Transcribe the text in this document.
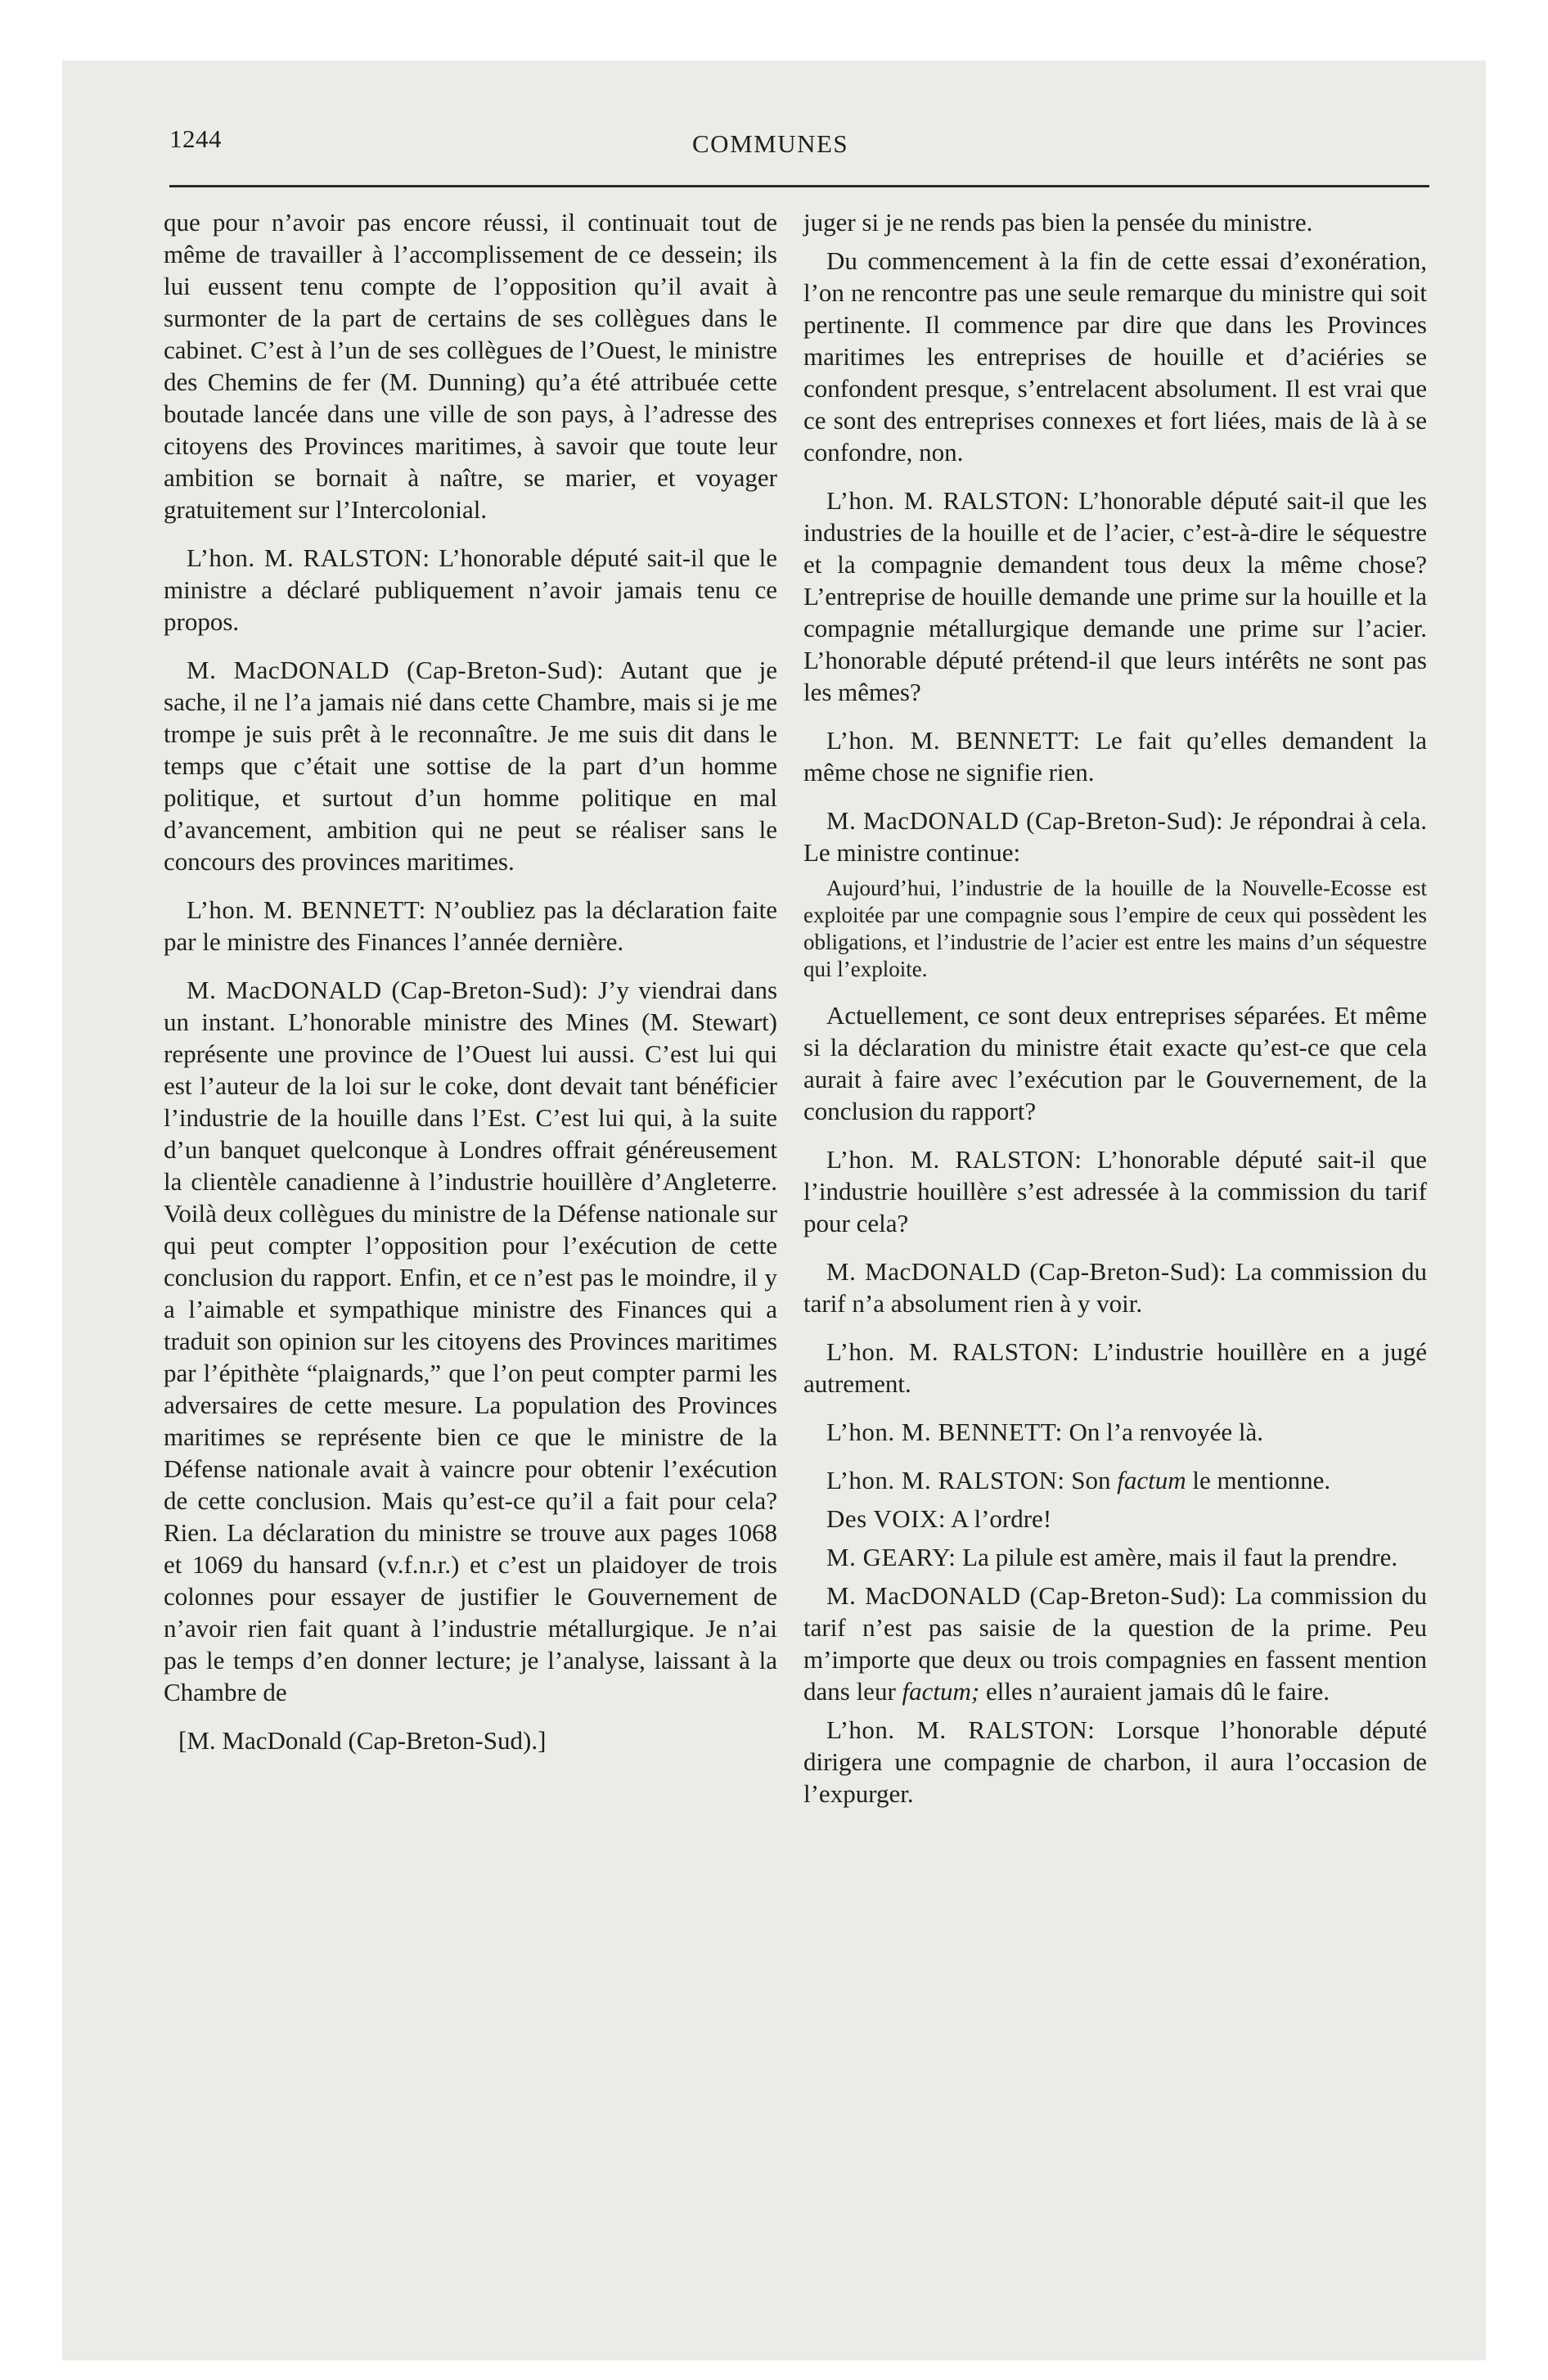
1244	COMMUNES

que pour n’avoir pas encore réussi, il continuait tout de même de travailler à l’accomplissement de ce dessein; ils lui eussent tenu compte de l’opposition qu’il avait à surmonter de la part de certains de ses collègues dans le cabinet. C’est à l’un de ses collègues de l’Ouest, le ministre des Chemins de fer (M. Dunning) qu’a été attribuée cette boutade lancée dans une ville de son pays, à l’adresse des citoyens des Provinces maritimes, à savoir que toute leur ambition se bornait à naître, se marier, et voyager gratuitement sur l’Intercolonial.

L’hon. M. RALSTON: L’honorable député sait-il que le ministre a déclaré publiquement n’avoir jamais tenu ce propos.

M. MacDONALD (Cap-Breton-Sud): Autant que je sache, il ne l’a jamais nié dans cette Chambre, mais si je me trompe je suis prêt à le reconnaître. Je me suis dit dans le temps que c’était une sottise de la part d’un homme politique, et surtout d’un homme politique en mal d’avancement, ambition qui ne peut se réaliser sans le concours des provinces maritimes.

L’hon. M. BENNETT: N’oubliez pas la déclaration faite par le ministre des Finances l’année dernière.

M. MacDONALD (Cap-Breton-Sud): J’y viendrai dans un instant. L’honorable ministre des Mines (M. Stewart) représente une province de l’Ouest lui aussi. C’est lui qui est l’auteur de la loi sur le coke, dont devait tant bénéficier l’industrie de la houille dans l’Est. C’est lui qui, à la suite d’un banquet quelconque à Londres offrait généreusement la clientèle canadienne à l’industrie houillère d’Angleterre. Voilà deux collègues du ministre de la Défense nationale sur qui peut compter l’opposition pour l’exécution de cette conclusion du rapport. Enfin, et ce n’est pas le moindre, il y a l’aimable et sympathique ministre des Finances qui a traduit son opinion sur les citoyens des Provinces maritimes par l’épithète “plaignards,” que l’on peut compter parmi les adversaires de cette mesure. La population des Provinces maritimes se représente bien ce que le ministre de la Défense nationale avait à vaincre pour obtenir l’exécution de cette conclusion. Mais qu’est-ce qu’il a fait pour cela? Rien. La déclaration du ministre se trouve aux pages 1068 et 1069 du hansard (v.f.n.r.) et c’est un plaidoyer de trois colonnes pour essayer de justifier le Gouvernement de n’avoir rien fait quant à l’industrie métallurgique. Je n’ai pas le temps d’en donner lecture; je l’analyse, laissant à la Chambre de

[M. MacDonald (Cap-Breton-Sud).]

juger si je ne rends pas bien la pensée du ministre.

Du commencement à la fin de cette essai d’exonération, l’on ne rencontre pas une seule remarque du ministre qui soit pertinente. Il commence par dire que dans les Provinces maritimes les entreprises de houille et d’aciéries se confondent presque, s’entrelacent absolument. Il est vrai que ce sont des entreprises connexes et fort liées, mais de là à se confondre, non.

L’hon. M. RALSTON: L’honorable député sait-il que les industries de la houille et de l’acier, c’est-à-dire le séquestre et la compagnie demandent tous deux la même chose? L’entreprise de houille demande une prime sur la houille et la compagnie métallurgique demande une prime sur l’acier. L’honorable député prétend-il que leurs intérêts ne sont pas les mêmes?

L’hon. M. BENNETT: Le fait qu’elles demandent la même chose ne signifie rien.

M. MacDONALD (Cap-Breton-Sud): Je répondrai à cela. Le ministre continue:

Aujourd’hui, l’industrie de la houille de la Nouvelle-Ecosse est exploitée par une compagnie sous l’empire de ceux qui possèdent les obligations, et l’industrie de l’acier est entre les mains d’un séquestre qui l’exploite.

Actuellement, ce sont deux entreprises séparées. Et même si la déclaration du ministre était exacte qu’est-ce que cela aurait à faire avec l’exécution par le Gouvernement, de la conclusion du rapport?

L’hon. M. RALSTON: L’honorable député sait-il que l’industrie houillère s’est adressée à la commission du tarif pour cela?

M. MacDONALD (Cap-Breton-Sud): La commission du tarif n’a absolument rien à y voir.

L’hon. M. RALSTON: L’industrie houillère en a jugé autrement.

L’hon. M. BENNETT: On l’a renvoyée là.

L’hon. M. RALSTON: Son factum le mentionne.

Des VOIX: A l’ordre!

M. GEARY: La pilule est amère, mais il faut la prendre.

M. MacDONALD (Cap-Breton-Sud): La commission du tarif n’est pas saisie de la question de la prime. Peu m’importe que deux ou trois compagnies en fassent mention dans leur factum; elles n’auraient jamais dû le faire.

L’hon. M. RALSTON: Lorsque l’honorable député dirigera une compagnie de charbon, il aura l’occasion de l’expurger.
